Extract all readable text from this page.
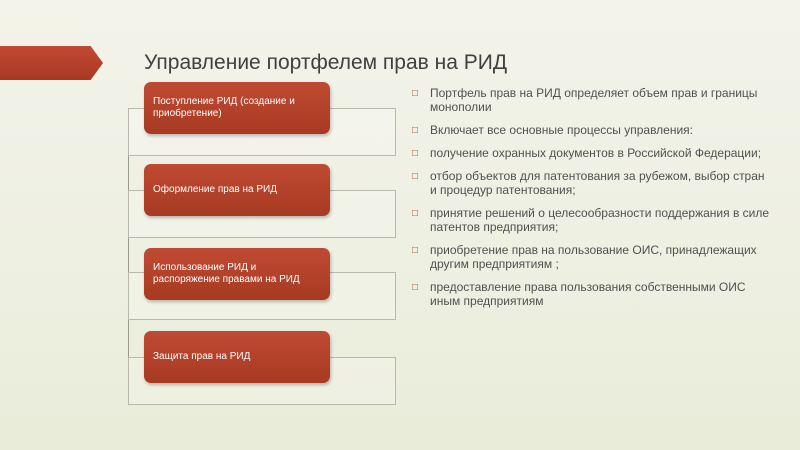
Управление портфелем прав на РИД
Поступление РИД (создание и приобретение)
Оформление прав на РИД
Использование РИД и распоряжение правами на РИД
Защита прав на РИД
□ Портфель прав на РИД определяет объем прав и границы монополии
□ Включает все основные процессы управления:
□ получение охранных документов в Российской Федерации;
□ отбор объектов для патентования за рубежом, выбор стран и процедур патентования;
□ принятие решений о целесообразности поддержания в силе патентов предприятия;
□ приобретение прав на пользование ОИС, принадлежащих другим предприятиям ;
□ предоставление права пользования собственными ОИС иным предприятиям
